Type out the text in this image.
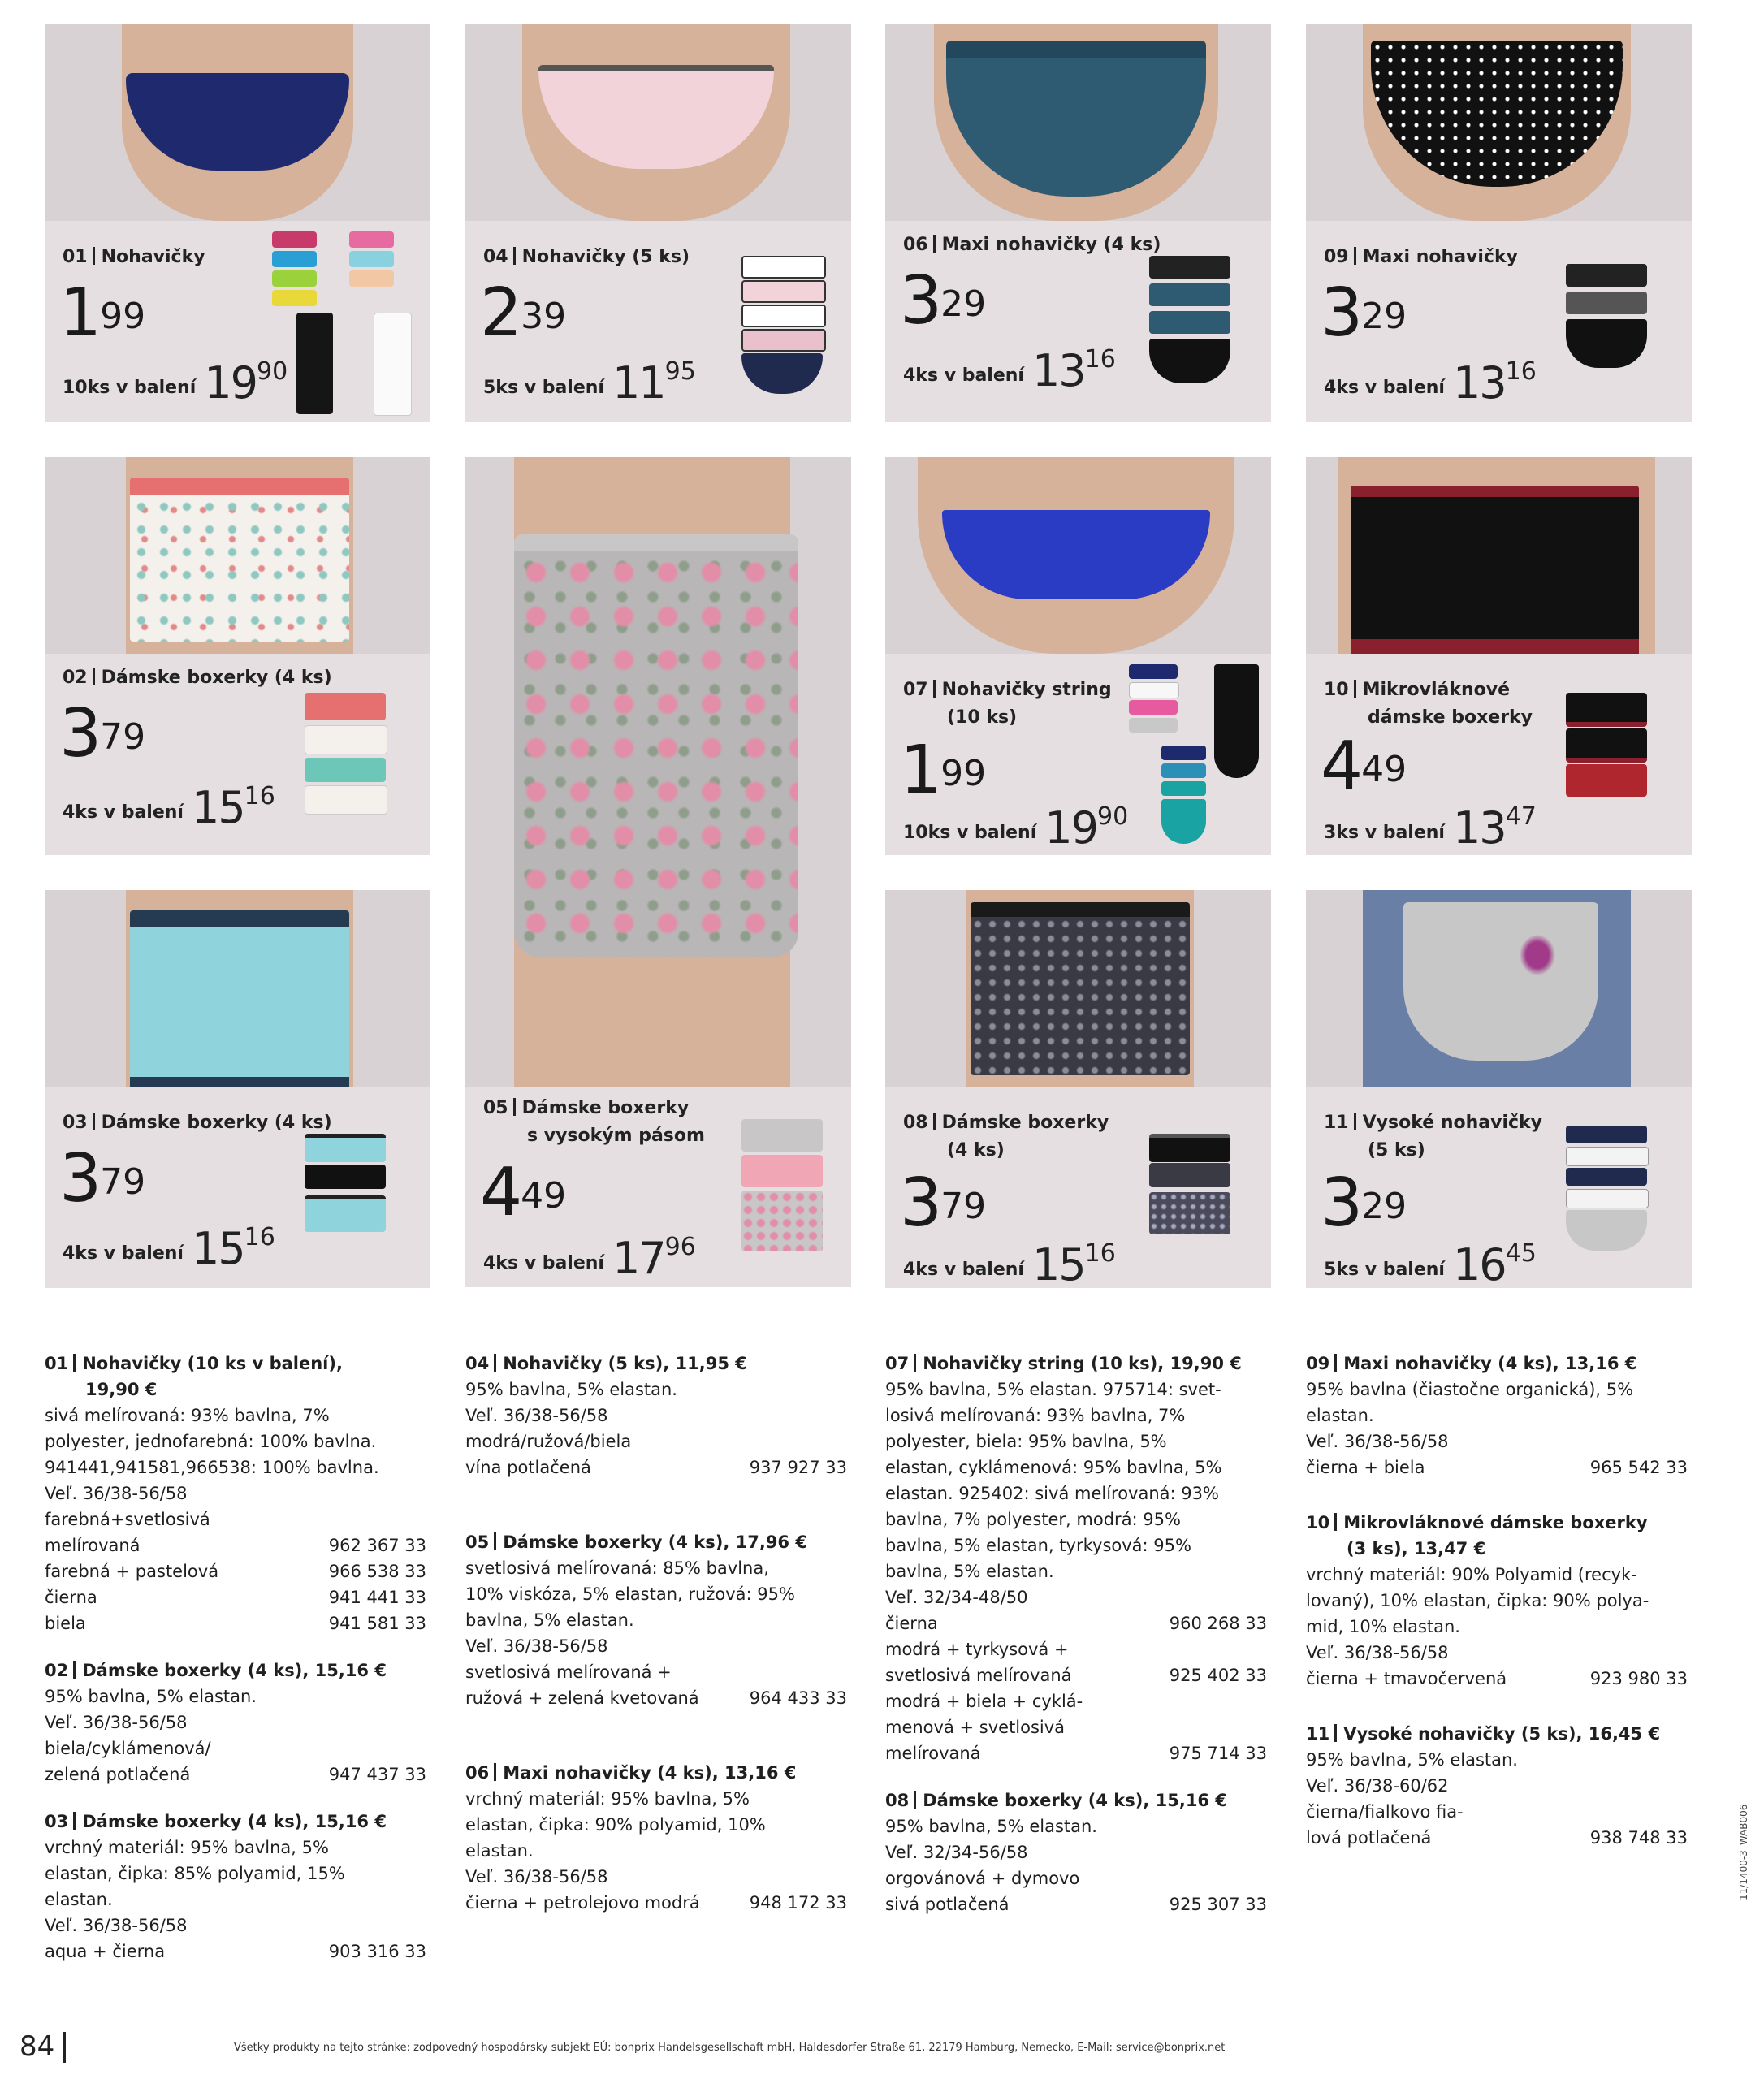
01 Nohavičky
$1^{99}$
10ks v balení $19^{90}$
04 Nohavičky (5 ks)
$2^{39}$
5ks v balení $11^{95}$
06 Maxi nohavičky (4 ks)
$3^{29}$
4ks v balení $13^{16}$
09 Maxi nohavičky
$3^{29}$
4ks v balení $13^{16}$
02 Dámske boxerky (4 ks)
$3^{79}$
4ks v balení $15^{16}$
05 Dámske boxerky
s vysokým pásom
$4^{49}$
4ks v balení $17^{96}$
07 Nohavičky string
(10 ks)
$1^{99}$
10ks v balení $19^{90}$
10 Mikrovláknové
dámske boxerky
$4^{49}$
3ks v balení $13^{47}$
03 Dámske boxerky (4 ks)
$3^{79}$
4ks v balení $15^{16}$
08 Dámske boxerky
(4 ks)
$3^{79}$
4ks v balení $15^{16}$
11 Vysoké nohavičky
(5 ks)
$3^{29}$
5ks v balení $16^{45}$
01 Nohavičky (10 ks v balení),
19,90 €
sivá melírovaná: 93% bavlna, 7%
polyester, jednofarebná: 100% bavlna.
941441,941581,966538: 100% bavlna.
Veľ. 36/38-56/58
farebná+svetlosivá
melírovaná	962 367 33
farebná + pastelová	966 538 33
čierna	941 441 33
biela	941 581 33
02 Dámske boxerky (4 ks), 15,16 €
95% bavlna, 5% elastan.
Veľ. 36/38-56/58
biela/cyklámenová/
zelená potlačená	947 437 33
03 Dámske boxerky (4 ks), 15,16 €
vrchný materiál: 95% bavlna, 5%
elastan, čipka: 85% polyamid, 15%
elastan.
Veľ. 36/38-56/58
aqua + čierna	903 316 33
04 Nohavičky (5 ks), 11,95 €
95% bavlna, 5% elastan.
Veľ. 36/38-56/58
modrá/ružová/biela
vína potlačená	937 927 33
05 Dámske boxerky (4 ks), 17,96 €
svetlosivá melírovaná: 85% bavlna,
10% viskóza, 5% elastan, ružová: 95%
bavlna, 5% elastan.
Veľ. 36/38-56/58
svetlosivá melírovaná +
ružová + zelená kvetovaná	964 433 33
06 Maxi nohavičky (4 ks), 13,16 €
vrchný materiál: 95% bavlna, 5%
elastan, čipka: 90% polyamid, 10%
elastan.
Veľ. 36/38-56/58
čierna + petrolejovo modrá	948 172 33
07 Nohavičky string (10 ks), 19,90 €
95% bavlna, 5% elastan. 975714: svet-
losivá melírovaná: 93% bavlna, 7%
polyester, biela: 95% bavlna, 5%
elastan, cyklámenová: 95% bavlna, 5%
elastan. 925402: sivá melírovaná: 93%
bavlna, 7% polyester, modrá: 95%
bavlna, 5% elastan, tyrkysová: 95%
bavlna, 5% elastan.
Veľ. 32/34-48/50
čierna	960 268 33
modrá + tyrkysová +
svetlosivá melírovaná	925 402 33
modrá + biela + cyklá-
menová + svetlosivá
melírovaná	975 714 33
08 Dámske boxerky (4 ks), 15,16 €
95% bavlna, 5% elastan.
Veľ. 32/34-56/58
orgovánová + dymovo
sivá potlačená	925 307 33
09 Maxi nohavičky (4 ks), 13,16 €
95% bavlna (čiastočne organická), 5%
elastan.
Veľ. 36/38-56/58
čierna + biela	965 542 33
10 Mikrovláknové dámske boxerky
(3 ks), 13,47 €
vrchný materiál: 90% Polyamid (recyk-
lovaný), 10% elastan, čipka: 90% polya-
mid, 10% elastan.
Veľ. 36/38-56/58
čierna + tmavočervená	923 980 33
11 Vysoké nohavičky (5 ks), 16,45 €
95% bavlna, 5% elastan.
Veľ. 36/38-60/62
čierna/fialkovo fia-
lová potlačená	938 748 33
84	Všetky produkty na tejto stránke: zodpovedný hospodársky subjekt EÚ: bonprix Handelsgesellschaft mbH, Haldesdorfer Straße 61, 22179 Hamburg, Nemecko, E-Mail: service@bonprix.net
11/1400-3_WAB006
